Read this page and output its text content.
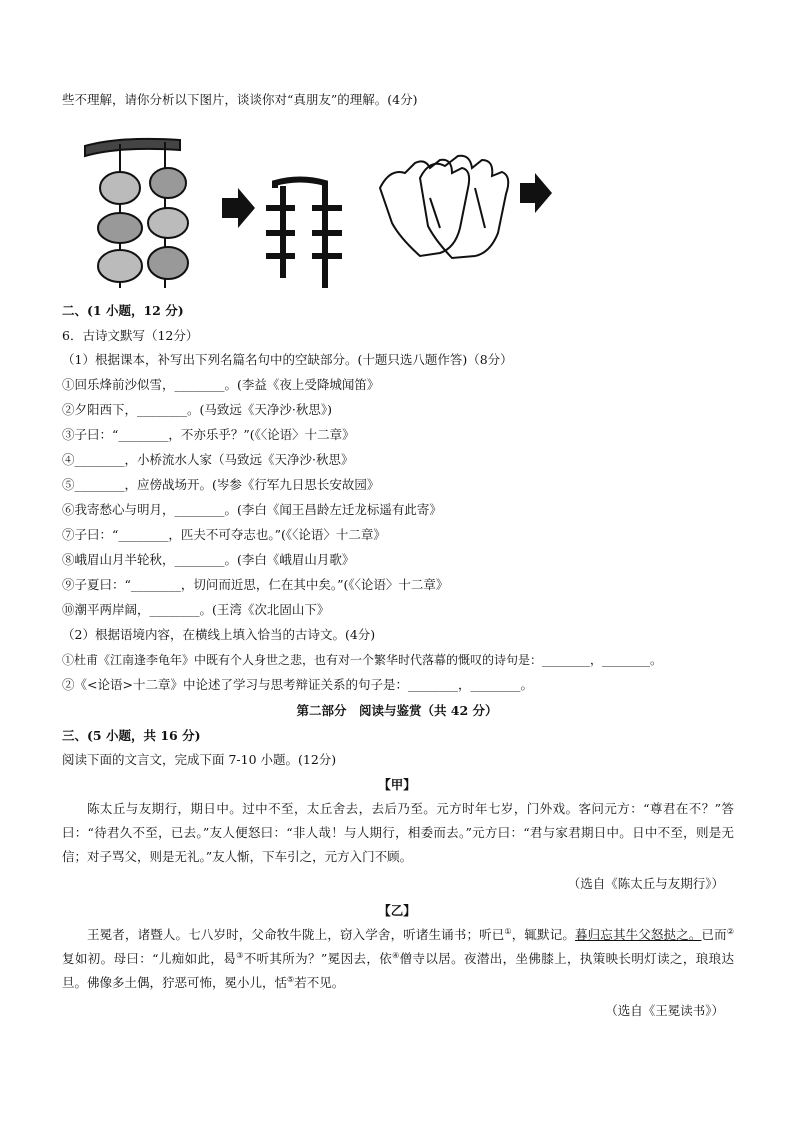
些不理解，请你分析以下图片，谈谈你对“真朋友”的理解。(4分)
二、(1 小题，12 分)
6．古诗文默写（12分）
（1）根据课本，补写出下列名篇名句中的空缺部分。(十题只选八题作答)（8分）
①回乐烽前沙似雪，________。(李益《夜上受降城闻笛》
②夕阳西下，________。(马致远《天净沙·秋思》)
③子曰：“________，不亦乐乎？”(《〈论语〉十二章》
④________，小桥流水人家（马致远《天净沙·秋思》
⑤________，应傍战场开。(岑参《行军九日思长安故园》
⑥我寄愁心与明月，________。(李白《闻王昌龄左迁龙标遥有此寄》
⑦子曰：“________，匹夫不可夺志也。”(《〈论语〉十二章》
⑧峨眉山月半轮秋，________。(李白《峨眉山月歌》
⑨子夏曰：“________，切问而近思，仁在其中矣。”(《〈论语〉十二章》
⑩潮平两岸阔，________。(王湾《次北固山下》
（2）根据语境内容，在横线上填入恰当的古诗文。(4分)
①杜甫《江南逢李龟年》中既有个人身世之悲，也有对一个繁华时代落幕的慨叹的诗句是：________，________。
②《<论语>十二章》中论述了学习与思考辩证关系的句子是：________，________。
第二部分　阅读与鉴赏（共 42 分）
三、(5 小题，共 16 分)
阅读下面的文言文，完成下面 7-10 小题。(12分)
【甲】
陈太丘与友期行，期日中。过中不至，太丘舍去，去后乃至。元方时年七岁，门外戏。客问元方：“尊君在不？”答曰：“待君久不至，已去。”友人便怒曰：“非人哉！与人期行，相委而去。”元方曰：“君与家君期日中。日中不至，则是无信；对子骂父，则是无礼。”友人惭，下车引之，元方入门不顾。
（选自《陈太丘与友期行》）
【乙】
王冕者，诸暨人。七八岁时，父命牧牛陇上，窃入学舍，听诸生诵书；听已①，辄默记。暮归忘其牛父怒挞之。已而②复如初。母曰：“儿痴如此，曷③不听其所为？”冕因去，依④僧寺以居。夜潜出，坐佛膝上，执策映长明灯读之，琅琅达旦。佛像多土偶，狞恶可怖，冕小儿，恬⑤若不见。
（选自《王冕读书》）
